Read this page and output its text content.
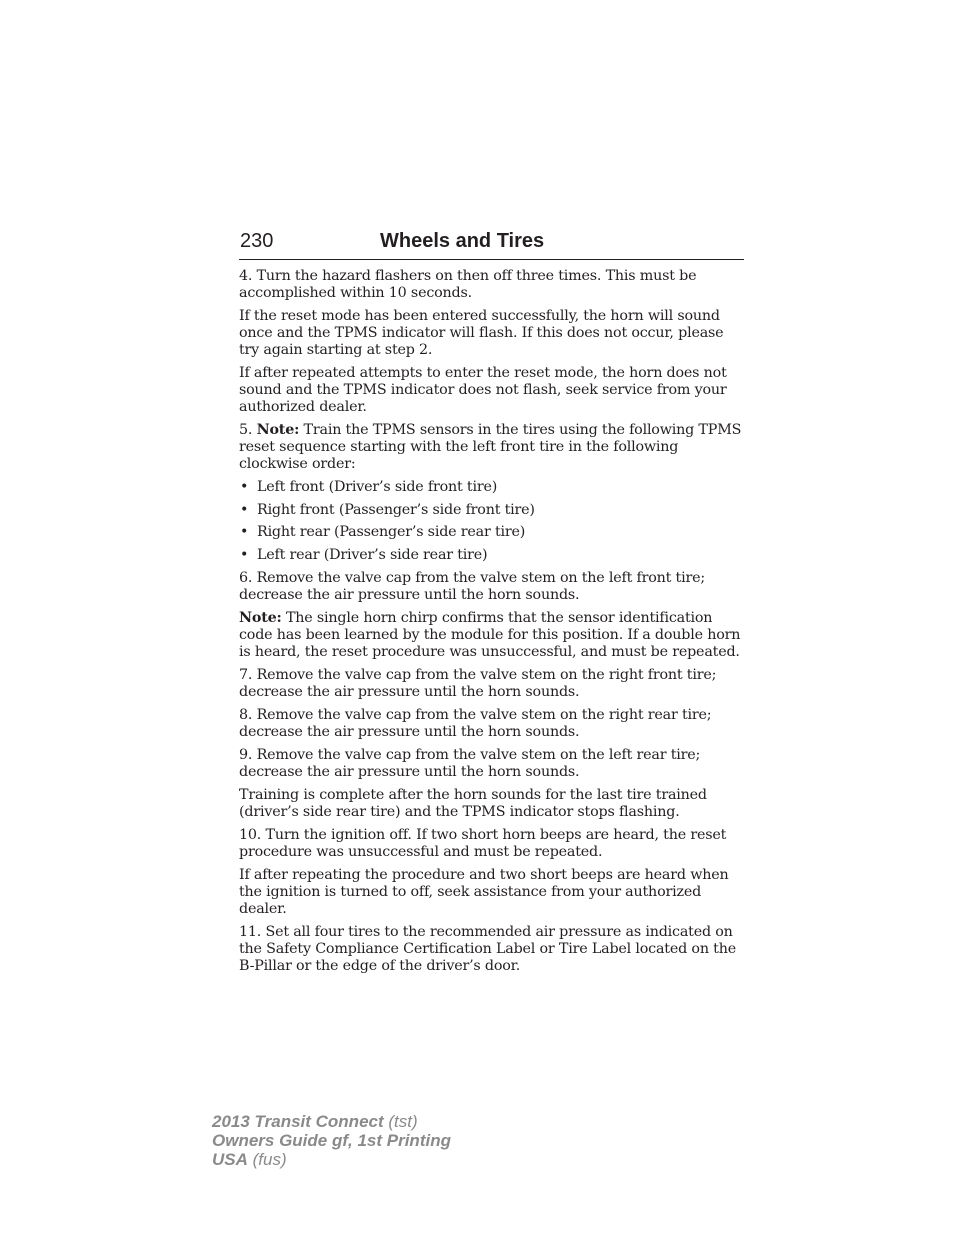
230	Wheels and Tires

4. Turn the hazard flashers on then off three times. This must be accomplished within 10 seconds.

If the reset mode has been entered successfully, the horn will sound once and the TPMS indicator will flash. If this does not occur, please try again starting at step 2.

If after repeated attempts to enter the reset mode, the horn does not sound and the TPMS indicator does not flash, seek service from your authorized dealer.

5. Note: Train the TPMS sensors in the tires using the following TPMS reset sequence starting with the left front tire in the following clockwise order:

• Left front (Driver’s side front tire)
• Right front (Passenger’s side front tire)
• Right rear (Passenger’s side rear tire)
• Left rear (Driver’s side rear tire)

6. Remove the valve cap from the valve stem on the left front tire; decrease the air pressure until the horn sounds.

Note: The single horn chirp confirms that the sensor identification code has been learned by the module for this position. If a double horn is heard, the reset procedure was unsuccessful, and must be repeated.

7. Remove the valve cap from the valve stem on the right front tire; decrease the air pressure until the horn sounds.

8. Remove the valve cap from the valve stem on the right rear tire; decrease the air pressure until the horn sounds.

9. Remove the valve cap from the valve stem on the left rear tire; decrease the air pressure until the horn sounds.

Training is complete after the horn sounds for the last tire trained (driver’s side rear tire) and the TPMS indicator stops flashing.

10. Turn the ignition off. If two short horn beeps are heard, the reset procedure was unsuccessful and must be repeated.

If after repeating the procedure and two short beeps are heard when the ignition is turned to off, seek assistance from your authorized dealer.

11. Set all four tires to the recommended air pressure as indicated on the Safety Compliance Certification Label or Tire Label located on the B-Pillar or the edge of the driver’s door.

2013 Transit Connect (tst)
Owners Guide gf, 1st Printing
USA (fus)
